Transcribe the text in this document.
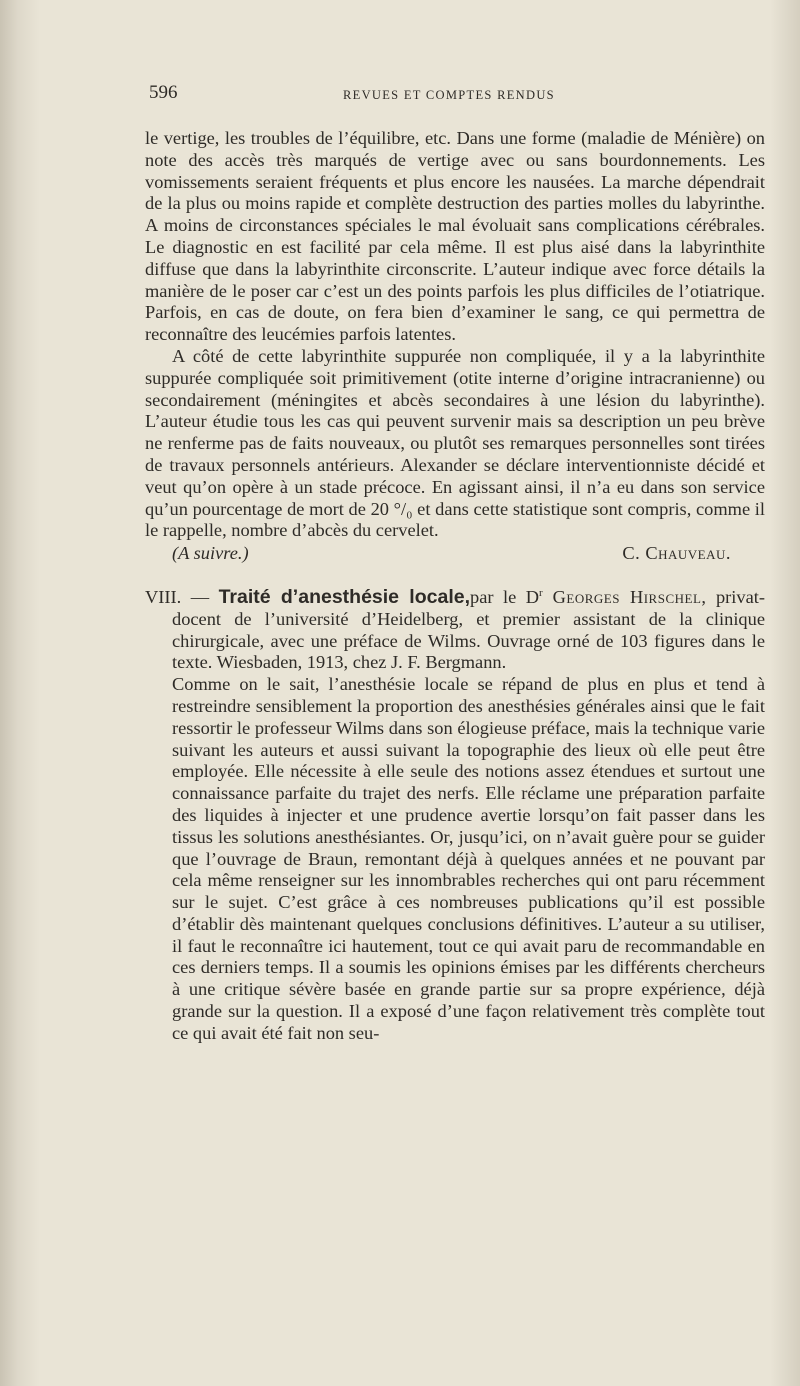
596	REVUES ET COMPTES RENDUS

le vertige, les troubles de l’équilibre, etc. Dans une forme (maladie de Ménière) on note des accès très marqués de vertige avec ou sans bourdonnements. Les vomissements seraient fréquents et plus encore les nausées. La marche dépendrait de la plus ou moins rapide et complète destruction des parties molles du labyrinthe. A moins de circonstances spéciales le mal évoluait sans complications cérébrales. Le diagnostic en est facilité par cela même. Il est plus aisé dans la labyrinthite diffuse que dans la labyrinthite circonscrite. L’auteur indique avec force détails la manière de le poser car c’est un des points parfois les plus difficiles de l’otiatrique. Parfois, en cas de doute, on fera bien d’examiner le sang, ce qui permettra de reconnaître des leucémies parfois latentes.

A côté de cette labyrinthite suppurée non compliquée, il y a la labyrinthite suppurée compliquée soit primitivement (otite interne d’origine intracranienne) ou secondairement (méningites et abcès secondaires à une lésion du labyrinthe). L’auteur étudie tous les cas qui peuvent survenir mais sa description un peu brève ne renferme pas de faits nouveaux, ou plutôt ses remarques personnelles sont tirées de travaux personnels antérieurs. Alexander se déclare interventionniste décidé et veut qu’on opère à un stade précoce. En agissant ainsi, il n’a eu dans son service qu’un pourcentage de mort de 20 °/₀ et dans cette statistique sont compris, comme il le rappelle, nombre d’abcès du cervelet.

(A suivre.)	C. Chauveau.

VIII. — Traité d’anesthésie locale,par le $D^r$ Georges Hirschel, privat-docent de l’université d’Heidelberg, et premier assistant de la clinique chirurgicale, avec une préface de Wilms. Ouvrage orné de 103 figures dans le texte. Wiesbaden, 1913, chez J. F. Bergmann.

Comme on le sait, l’anesthésie locale se répand de plus en plus et tend à restreindre sensiblement la proportion des anesthésies générales ainsi que le fait ressortir le professeur Wilms dans son élogieuse préface, mais la technique varie suivant les auteurs et aussi suivant la topographie des lieux où elle peut être employée. Elle nécessite à elle seule des notions assez étendues et surtout une connaissance parfaite du trajet des nerfs. Elle réclame une préparation parfaite des liquides à injecter et une prudence avertie lorsqu’on fait passer dans les tissus les solutions anesthésiantes. Or, jusqu’ici, on n’avait guère pour se guider que l’ouvrage de Braun, remontant déjà à quelques années et ne pouvant par cela même renseigner sur les innombrables recherches qui ont paru récemment sur le sujet. C’est grâce à ces nombreuses publications qu’il est possible d’établir dès maintenant quelques conclusions définitives. L’auteur a su utiliser, il faut le reconnaître ici hautement, tout ce qui avait paru de recommandable en ces derniers temps. Il a soumis les opinions émises par les différents chercheurs à une critique sévère basée en grande partie sur sa propre expérience, déjà grande sur la question. Il a exposé d’une façon relativement très complète tout ce qui avait été fait non seu-
